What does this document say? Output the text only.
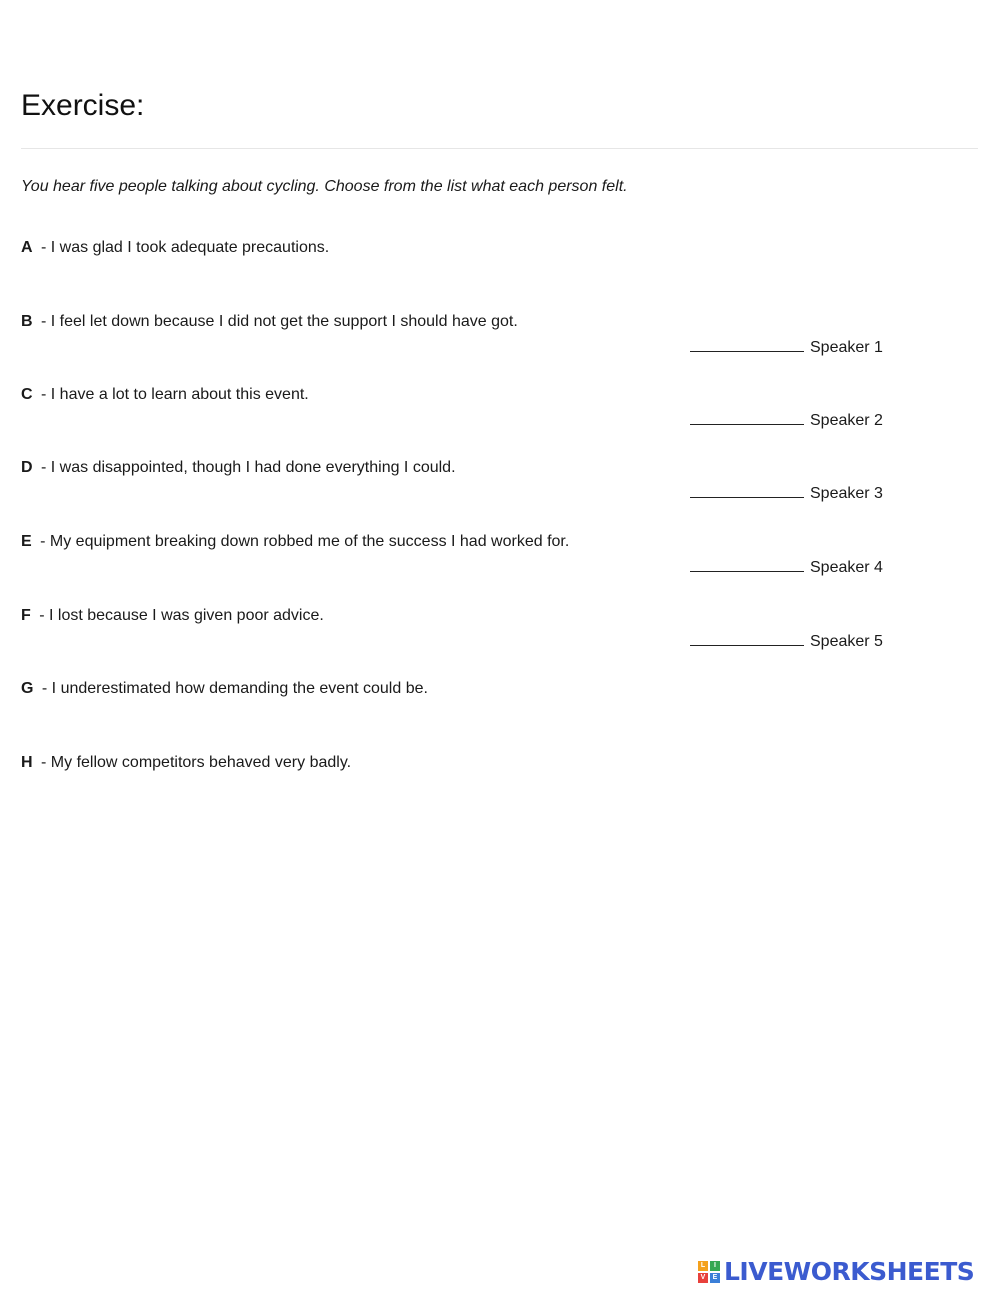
Exercise:

You hear five people talking about cycling. Choose from the list what each person felt.

A - I was glad I took adequate precautions.

B - I feel let down because I did not get the support I should have got.

C - I have a lot to learn about this event.

D - I was disappointed, though I had done everything I could.

E - My equipment breaking down robbed me of the success I had worked for.

F - I lost because I was given poor advice.

G - I underestimated how demanding the event could be.

H - My fellow competitors behaved very badly.

Speaker 1

Speaker 2

Speaker 3

Speaker 4

Speaker 5

L	I
V	E LIVEWORKSHEETS
